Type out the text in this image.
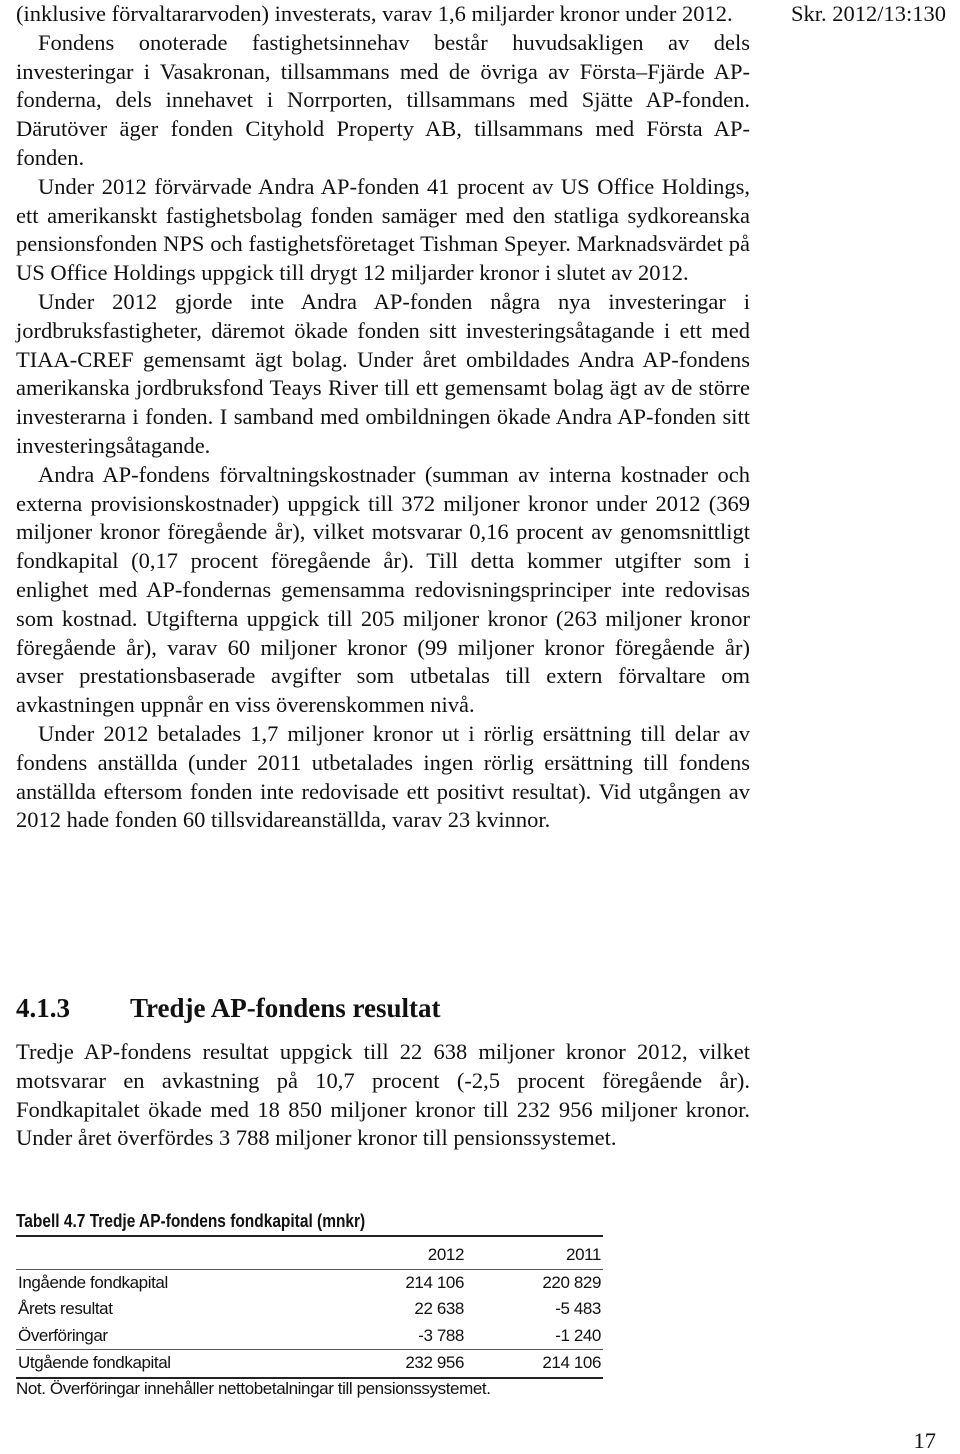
Skr. 2012/13:130

(inklusive förvaltararvoden) investerats, varav 1,6 miljarder kronor under 2012.

Fondens onoterade fastighetsinnehav består huvudsakligen av dels investeringar i Vasakronan, tillsammans med de övriga av Första–Fjärde AP-fonderna, dels innehavet i Norrporten, tillsammans med Sjätte AP-fonden. Därutöver äger fonden Cityhold Property AB, tillsammans med Första AP-fonden.

Under 2012 förvärvade Andra AP-fonden 41 procent av US Office Holdings, ett amerikanskt fastighetsbolag fonden samäger med den statliga sydkoreanska pensionsfonden NPS och fastighetsföretaget Tishman Speyer. Marknadsvärdet på US Office Holdings uppgick till drygt 12 miljarder kronor i slutet av 2012.

Under 2012 gjorde inte Andra AP-fonden några nya investeringar i jordbruksfastigheter, däremot ökade fonden sitt investeringsåtagande i ett med TIAA-CREF gemensamt ägt bolag. Under året ombildades Andra AP-fondens amerikanska jordbruksfond Teays River till ett gemensamt bolag ägt av de större investerarna i fonden. I samband med ombildningen ökade Andra AP-fonden sitt investeringsåtagande.

Andra AP-fondens förvaltningskostnader (summan av interna kostnader och externa provisionskostnader) uppgick till 372 miljoner kronor under 2012 (369 miljoner kronor föregående år), vilket motsvarar 0,16 procent av genomsnittligt fondkapital (0,17 procent föregående år). Till detta kommer utgifter som i enlighet med AP-fondernas gemensamma redovisningsprinciper inte redovisas som kostnad. Utgifterna uppgick till 205 miljoner kronor (263 miljoner kronor föregående år), varav 60 miljoner kronor (99 miljoner kronor föregående år) avser prestationsbaserade avgifter som utbetalas till extern förvaltare om avkastningen uppnår en viss överenskommen nivå.

Under 2012 betalades 1,7 miljoner kronor ut i rörlig ersättning till delar av fondens anställda (under 2011 utbetalades ingen rörlig ersättning till fondens anställda eftersom fonden inte redovisade ett positivt resultat). Vid utgången av 2012 hade fonden 60 tillsvidareanställda, varav 23 kvinnor.

4.1.3 Tredje AP-fondens resultat

Tredje AP-fondens resultat uppgick till 22 638 miljoner kronor 2012, vilket motsvarar en avkastning på 10,7 procent (-2,5 procent föregående år). Fondkapitalet ökade med 18 850 miljoner kronor till 232 956 miljoner kronor. Under året överfördes 3 788 miljoner kronor till pensionssystemet.

Tabell 4.7 Tredje AP-fondens fondkapital (mnkr)
	2012	2011
Ingående fondkapital	214 106	220 829
Årets resultat	22 638	-5 483
Överföringar	-3 788	-1 240
Utgående fondkapital	232 956	214 106
Not. Överföringar innehåller nettobetalningar till pensionssystemet.
17
